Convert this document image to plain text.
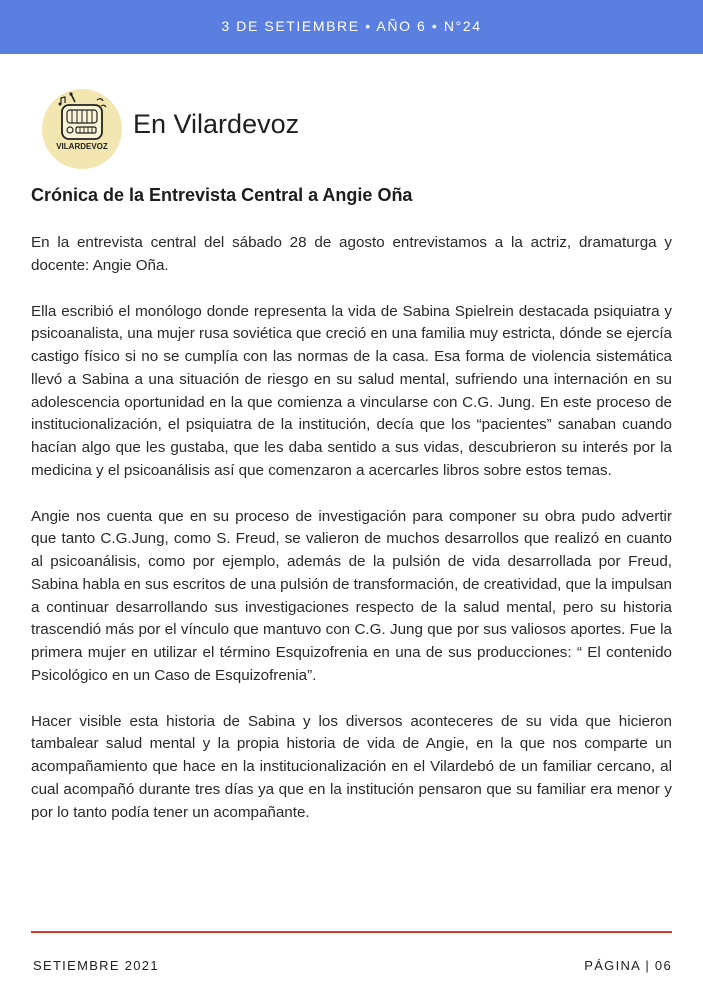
3 DE SETIEMBRE • AÑO 6 • N°24
VILARDEVOZ
En Vilardevoz
Crónica de la Entrevista Central a Angie Oña

En la entrevista central del sábado 28 de agosto entrevistamos a la actriz, dramaturga y docente: Angie Oña.

Ella escribió el monólogo donde representa la vida de Sabina Spielrein destacada psiquiatra y psicoanalista, una mujer rusa soviética que creció en una familia muy estricta, dónde se ejercía castigo físico si no se cumplía con las normas de la casa. Esa forma de violencia sistemática llevó a Sabina a una situación de riesgo en su salud mental, sufriendo una internación en su adolescencia oportunidad en la que comienza a vincularse con C.G. Jung. En este proceso de institucionalización, el psiquiatra de la institución, decía que los “pacientes” sanaban cuando hacían algo que les gustaba, que les daba sentido a sus vidas, descubrieron su interés por la medicina y el psicoanálisis así que comenzaron a acercarles libros sobre estos temas.

Angie nos cuenta que en su proceso de investigación para componer su obra pudo advertir que tanto C.G.Jung, como S. Freud, se valieron de muchos desarrollos que realizó en cuanto al psicoanálisis, como por ejemplo, además de la pulsión de vida desarrollada por Freud, Sabina habla en sus escritos de una pulsión de transformación, de creatividad, que la impulsan a continuar desarrollando sus investigaciones respecto de la salud mental, pero su historia trascendió más por el vínculo que mantuvo con C.G. Jung que por sus valiosos aportes. Fue la primera mujer en utilizar el término Esquizofrenia en una de sus producciones: “ El contenido Psicológico en un Caso de Esquizofrenia”.

Hacer visible esta historia de Sabina y los diversos aconteceres de su vida que hicieron tambalear salud mental y la propia historia de vida de Angie, en la que nos comparte un acompañamiento que hace en la institucionalización en el Vilardebó de un familiar cercano, al cual acompañó durante tres días ya que en la institución pensaron que su familiar era menor y por lo tanto podía tener un acompañante.

SETIEMBRE 2021	PÁGINA | 06
